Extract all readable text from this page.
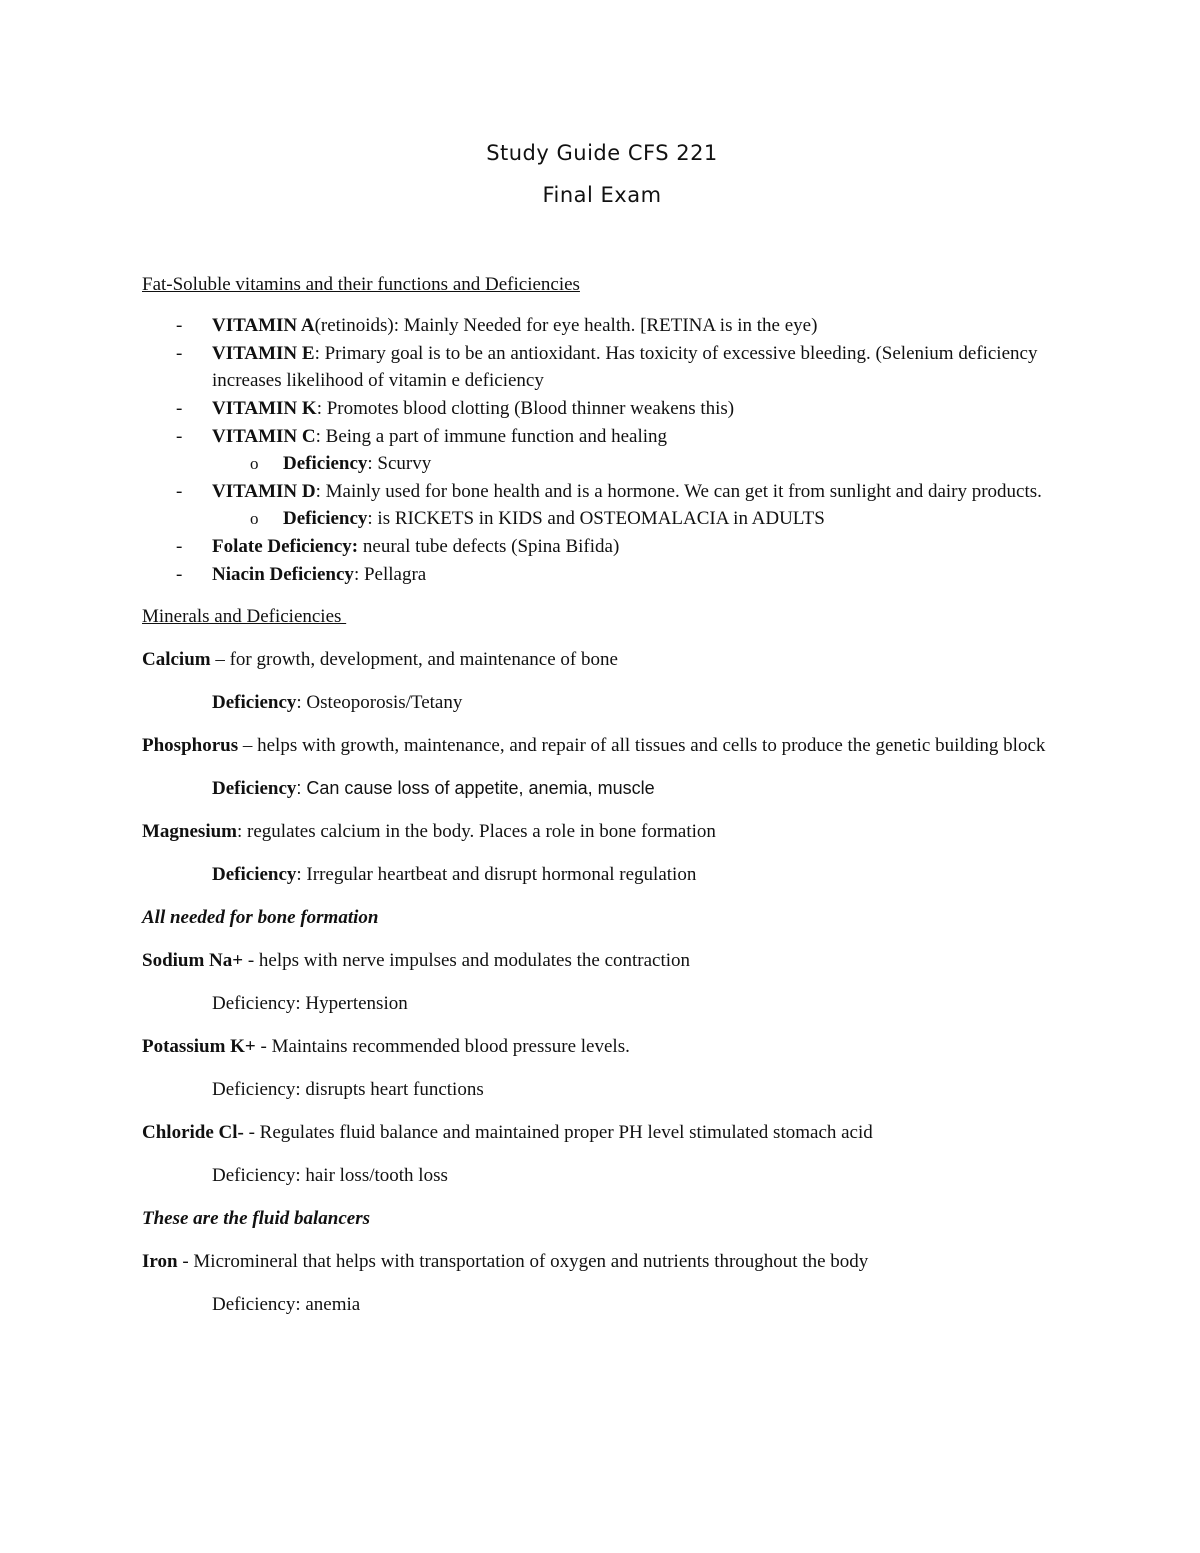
Study Guide CFS 221

Final Exam

Fat-Soluble vitamins and their functions and Deficiencies

- VITAMIN A(retinoids): Mainly Needed for eye health. [RETINA is in the eye)
- VITAMIN E: Primary goal is to be an antioxidant. Has toxicity of excessive bleeding. (Selenium deficiency increases likelihood of vitamin e deficiency
- VITAMIN K: Promotes blood clotting (Blood thinner weakens this)
- VITAMIN C: Being a part of immune function and healing
o Deficiency: Scurvy
- VITAMIN D: Mainly used for bone health and is a hormone. We can get it from sunlight and dairy products.
o Deficiency: is RICKETS in KIDS and OSTEOMALACIA in ADULTS
- Folate Deficiency: neural tube defects (Spina Bifida)
- Niacin Deficiency: Pellagra

Minerals and Deficiencies

Calcium – for growth, development, and maintenance of bone

Deficiency: Osteoporosis/Tetany

Phosphorus – helps with growth, maintenance, and repair of all tissues and cells to produce the genetic building block

Deficiency: Can cause loss of appetite, anemia, muscle

Magnesium: regulates calcium in the body. Places a role in bone formation

Deficiency: Irregular heartbeat and disrupt hormonal regulation

All needed for bone formation

Sodium Na+ - helps with nerve impulses and modulates the contraction

Deficiency: Hypertension

Potassium K+ - Maintains recommended blood pressure levels.

Deficiency: disrupts heart functions

Chloride Cl- - Regulates fluid balance and maintained proper PH level stimulated stomach acid

Deficiency: hair loss/tooth loss

These are the fluid balancers

Iron - Micromineral that helps with transportation of oxygen and nutrients throughout the body

Deficiency: anemia
